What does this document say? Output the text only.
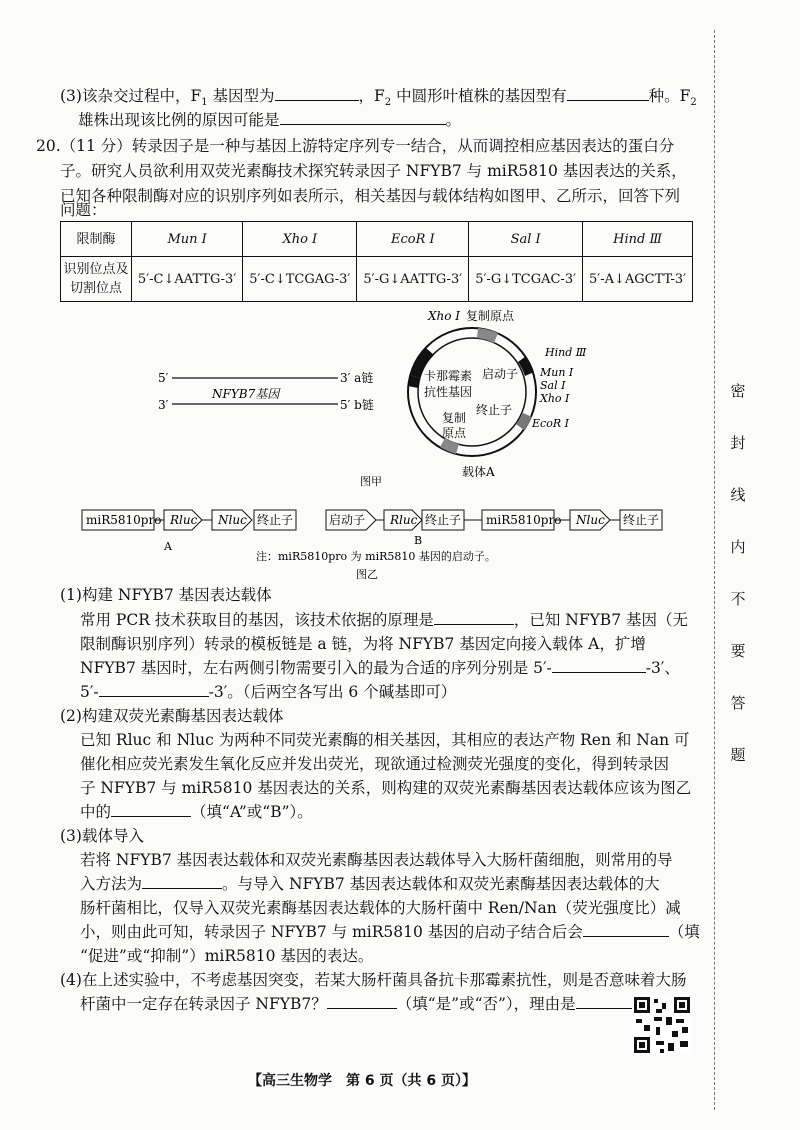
(3)该杂交过程中，$F_1$ 基因型为	，$F_2$ 中圆形叶植株的基因型有	种。$F_2$
雄株出现该比例的原因可能是	。
20.（11 分）转录因子是一种与基因上游特定序列专一结合，从而调控相应基因表达的蛋白分
子。研究人员欲利用双荧光素酶技术探究转录因子 NFYB7 与 miR5810 基因表达的关系，
已知各种限制酶对应的识别序列如表所示，相关基因与载体结构如图甲、乙所示，回答下列
问题：
限制酶	Mun Ⅰ	Xho Ⅰ	EcoR Ⅰ	Sal Ⅰ	Hind Ⅲ
识别位点及
切割位点	5′-C↓AATTG-3′	5′-C↓TCGAG-3′	5′-G↓AATTG-3′	5′-G↓TCGAC-3′	5′-A↓AGCTT-3′
5′	3′ a链
3′	5′ b链
NFYB7基因
Xho Ⅰ 复制原点
Hind Ⅲ
Mun Ⅰ
Sal Ⅰ
Xho Ⅰ
EcoR Ⅰ
启动子
终止子
卡那霉素
抗性基因
复制
原点
载体A
图甲
miR5810pro Rluc Nluc 终止子
A
启动子 Rluc 终止子 miR5810pro Nluc 终止子
B
注：miR5810pro 为 miR5810 基因的启动子。
图乙
(1)构建 NFYB7 基因表达载体
常用 PCR 技术获取目的基因，该技术依据的原理是	，已知 NFYB7 基因（无
限制酶识别序列）转录的模板链是 a 链，为将 NFYB7 基因定向接入载体 A，扩增
NFYB7 基因时，左右两侧引物需要引入的最为合适的序列分别是 5′-	-3′、
5′-	-3′。（后两空各写出 6 个碱基即可）
(2)构建双荧光素酶基因表达载体
已知 Rluc 和 Nluc 为两种不同荧光素酶的相关基因，其相应的表达产物 Ren 和 Nan 可
催化相应荧光素发生氧化反应并发出荧光，现欲通过检测荧光强度的变化，得到转录因
子 NFYB7 与 miR5810 基因表达的关系，则构建的双荧光素酶基因表达载体应该为图乙
中的	（填“A”或“B”）。
(3)载体导入
若将 NFYB7 基因表达载体和双荧光素酶基因表达载体导入大肠杆菌细胞，则常用的导
入方法为	。与导入 NFYB7 基因表达载体和双荧光素酶基因表达载体的大
肠杆菌相比，仅导入双荧光素酶基因表达载体的大肠杆菌中 Ren/Nan（荧光强度比）减
小，则由此可知，转录因子 NFYB7 与 miR5810 基因的启动子结合后会	（填
“促进”或“抑制”）miR5810 基因的表达。
(4)在上述实验中，不考虑基因突变，若某大肠杆菌具备抗卡那霉素抗性，则是否意味着大肠
杆菌中一定存在转录因子 NFYB7？	（填“是”或“否”），理由是
密
封
线
内
不
要
答
题
【高三生物学　第 6 页（共 6 页）】
